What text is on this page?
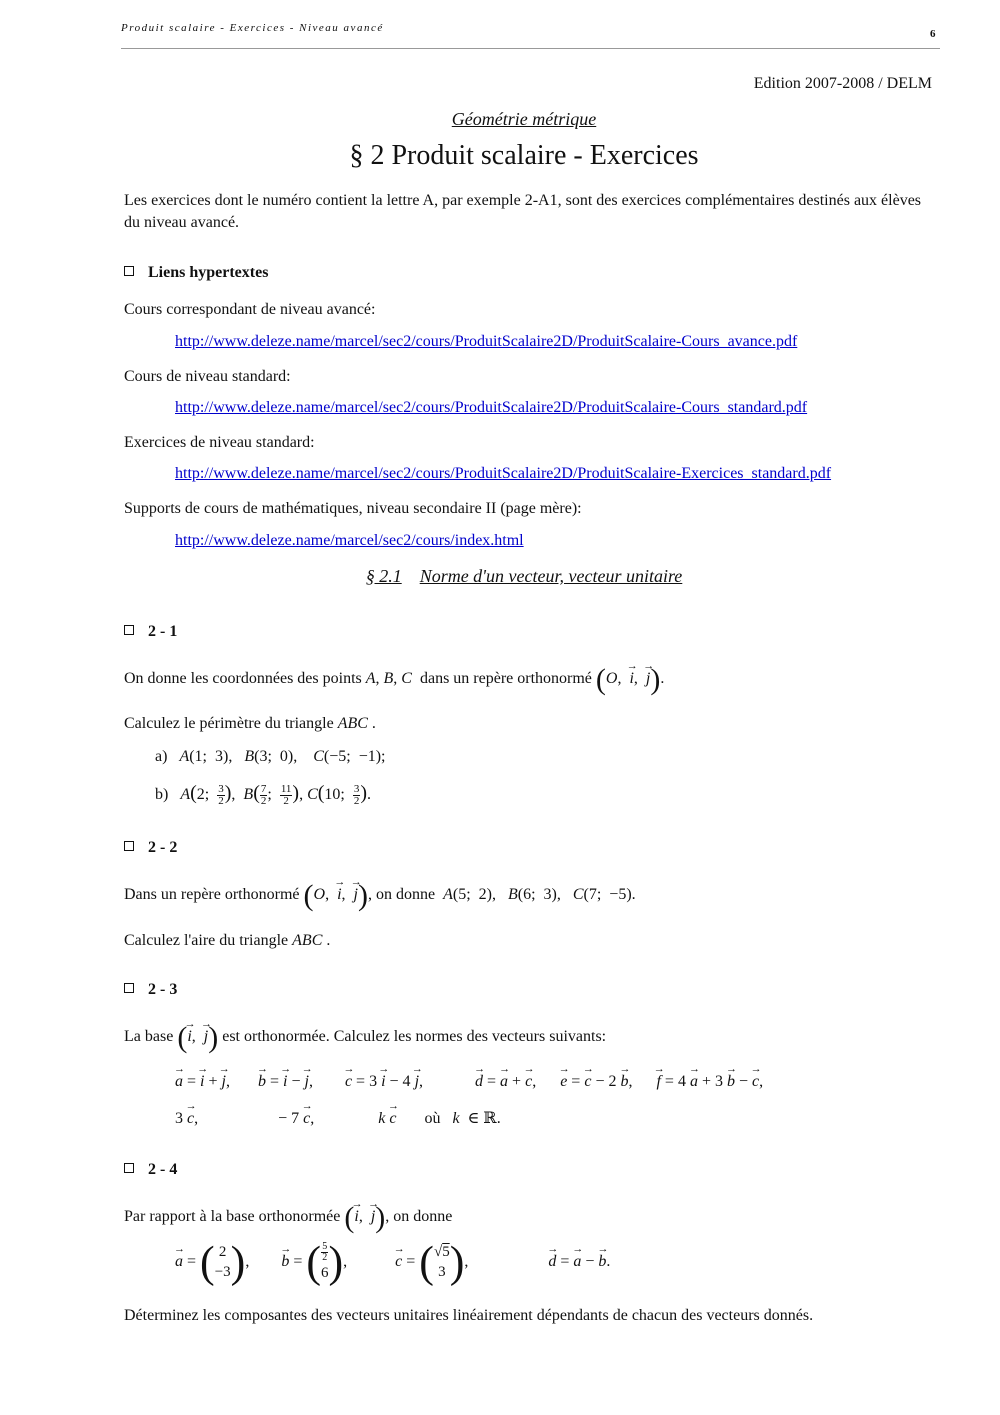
Produit scalaire - Exercices - Niveau avancé	6
Edition 2007-2008 / DELM
Géométrie métrique
§ 2 Produit scalaire - Exercices
Les exercices dont le numéro contient la lettre A, par exemple 2-A1, sont des exercices complémentaires destinés aux élèves du niveau avancé.
Liens hypertextes
Cours correspondant de niveau avancé:
http://www.deleze.name/marcel/sec2/cours/ProduitScalaire2D/ProduitScalaire-Cours_avance.pdf
Cours de niveau standard:
http://www.deleze.name/marcel/sec2/cours/ProduitScalaire2D/ProduitScalaire-Cours_standard.pdf
Exercices de niveau standard:
http://www.deleze.name/marcel/sec2/cours/ProduitScalaire2D/ProduitScalaire-Exercices_standard.pdf
Supports de cours de mathématiques, niveau secondaire II (page mère):
http://www.deleze.name/marcel/sec2/cours/index.html
§ 2.1 Norme d'un vecteur, vecteur unitaire
2 - 1
On donne les coordonnées des points A, B, C dans un repère orthonormé (O,  → i,  → j).
Calculez le périmètre du triangle ABC .
a) A(1;  3),   B(3;  0),    C(−5;  −1);
b) A(2; $\frac{3}{2}$ ),  $B( \frac{7}{2}$ ; $\frac{11}{2}$ ), C(10; $\frac{3}{2}$ ).
2 - 2
Dans un repère orthonormé (O,  → i,  → j), on donne A(5;  2),   B(6;  3),   C(7;  −5).
Calculez l'aire du triangle ABC .
2 - 3
La base (→ i,  → j) est orthonormée. Calculez les normes des vecteurs suivants:
→ a = → i + → j,       → b = → i − → j,        → c = 3 → i − 4 → j,             → d = → a + → c,      → e = → c − 2 → b,      → f = 4 → a + 3 → b − → c,
3 → c,                    − 7 → c,                k → c où k  ∈ ℝ.
2 - 4
Par rapport à la base orthonormée (→ i,  → j), on donne
→ a = ( 2
−3),        → b = ( $\frac{5}{2}$

6),            → c = (√5
3),                    → d = → a − → b.
Déterminez les composantes des vecteurs unitaires linéairement dépendants de chacun des vecteurs donnés.
